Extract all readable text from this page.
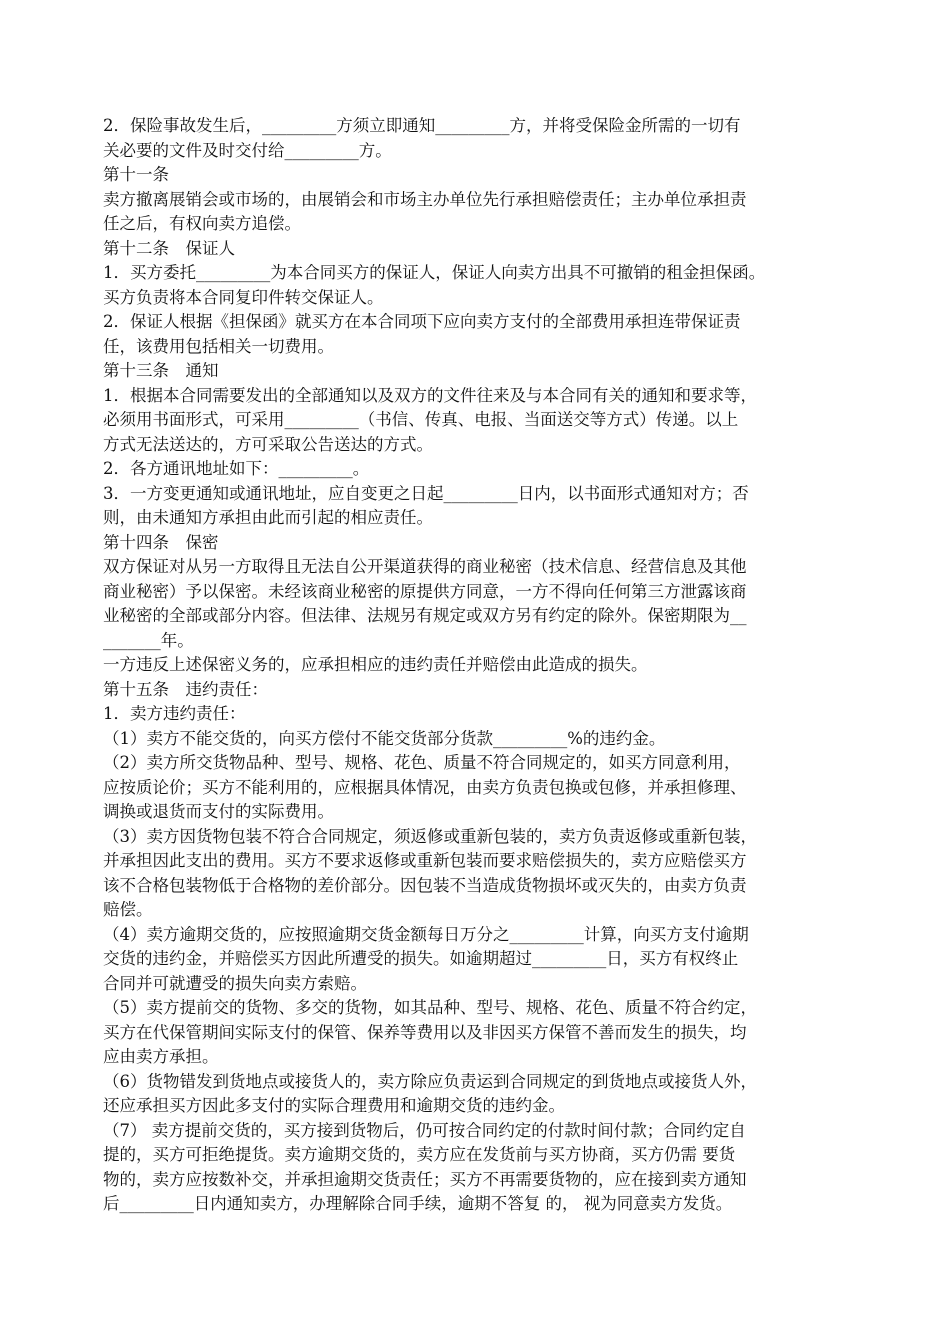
2．保险事故发生后，_________方须立即通知_________方，并将受保险金所需的一切有

关必要的文件及时交付给_________方。

第十一条

卖方撤离展销会或市场的，由展销会和市场主办单位先行承担赔偿责任；主办单位承担责

任之后，有权向卖方追偿。

第十二条　保证人

1．买方委托_________为本合同买方的保证人，保证人向卖方出具不可撤销的租金担保函。

买方负责将本合同复印件转交保证人。

2．保证人根据《担保函》就买方在本合同项下应向卖方支付的全部费用承担连带保证责

任，该费用包括相关一切费用。

第十三条　通知

1．根据本合同需要发出的全部通知以及双方的文件往来及与本合同有关的通知和要求等，

必须用书面形式，可采用_________（书信、传真、电报、当面送交等方式）传递。以上

方式无法送达的，方可采取公告送达的方式。

2．各方通讯地址如下：_________。

3．一方变更通知或通讯地址，应自变更之日起_________日内，以书面形式通知对方；否

则，由未通知方承担由此而引起的相应责任。

第十四条　保密

双方保证对从另一方取得且无法自公开渠道获得的商业秘密（技术信息、经营信息及其他

商业秘密）予以保密。未经该商业秘密的原提供方同意，一方不得向任何第三方泄露该商

业秘密的全部或部分内容。但法律、法规另有规定或双方另有约定的除外。保密期限为__

_______年。

一方违反上述保密义务的，应承担相应的违约责任并赔偿由此造成的损失。

第十五条　违约责任：

1．卖方违约责任：

（1）卖方不能交货的，向买方偿付不能交货部分货款_________%的违约金。

（2）卖方所交货物品种、型号、规格、花色、质量不符合同规定的，如买方同意利用，

应按质论价；买方不能利用的，应根据具体情况，由卖方负责包换或包修，并承担修理、

调换或退货而支付的实际费用。

（3）卖方因货物包装不符合合同规定，须返修或重新包装的，卖方负责返修或重新包装，

并承担因此支出的费用。买方不要求返修或重新包装而要求赔偿损失的，卖方应赔偿买方

该不合格包装物低于合格物的差价部分。因包装不当造成货物损坏或灭失的，由卖方负责

赔偿。

（4）卖方逾期交货的，应按照逾期交货金额每日万分之_________计算，向买方支付逾期

交货的违约金，并赔偿买方因此所遭受的损失。如逾期超过_________日，买方有权终止

合同并可就遭受的损失向卖方索赔。

（5）卖方提前交的货物、多交的货物，如其品种、型号、规格、花色、质量不符合约定，

买方在代保管期间实际支付的保管、保养等费用以及非因买方保管不善而发生的损失，均

应由卖方承担。

（6）货物错发到货地点或接货人的，卖方除应负责运到合同规定的到货地点或接货人外，

还应承担买方因此多支付的实际合理费用和逾期交货的违约金。

（7） 卖方提前交货的，买方接到货物后，仍可按合同约定的付款时间付款；合同约定自

提的，买方可拒绝提货。卖方逾期交货的，卖方应在发货前与买方协商，买方仍需 要货

物的，卖方应按数补交，并承担逾期交货责任；买方不再需要货物的，应在接到卖方通知

后_________日内通知卖方，办理解除合同手续，逾期不答复 的， 视为同意卖方发货。
